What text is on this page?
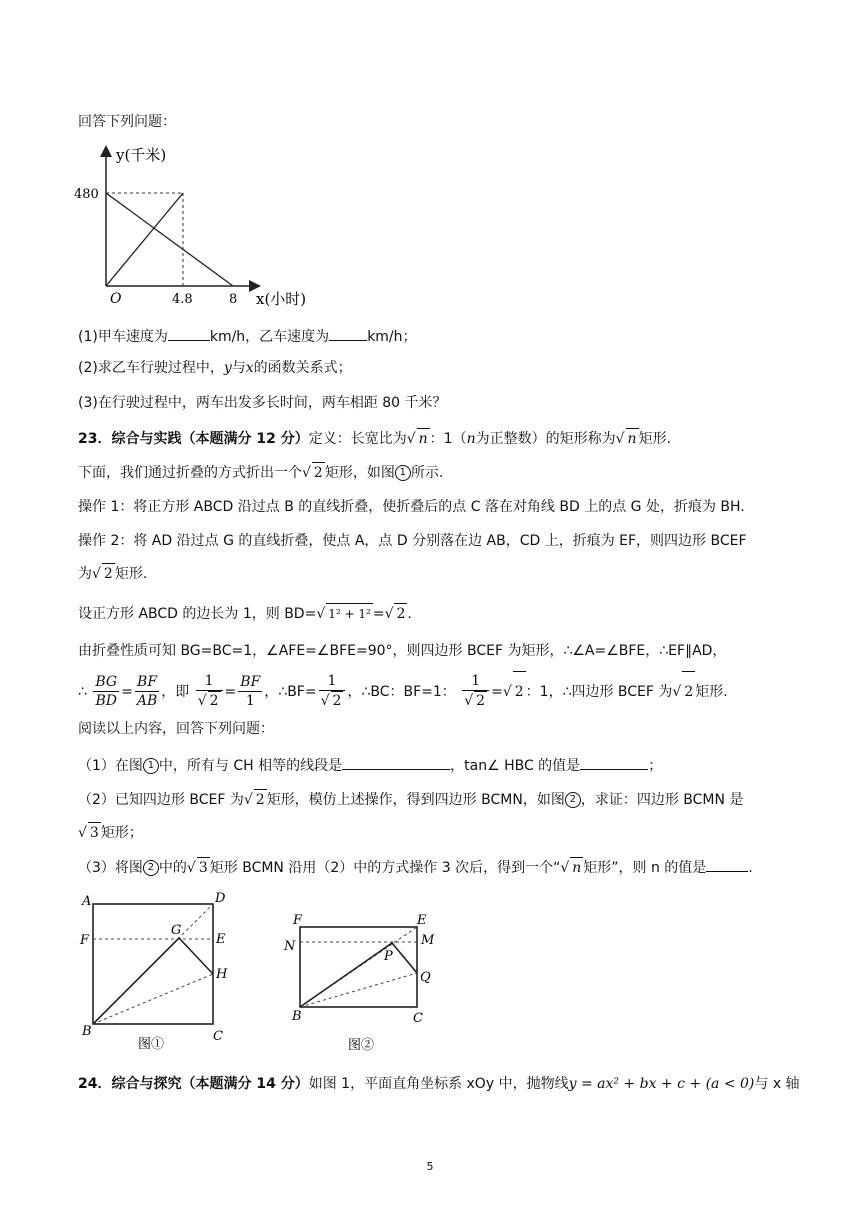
回答下列问题：
y(千米)
x(小时)
O
480
4.8	8
(1)甲车速度为	km/h，乙车速度为	km/h；
(2)求乙车行驶过程中，y与x的函数关系式；
(3)在行驶过程中，两车出发多长时间，两车相距 80 千米？
23．综合与实践（本题满分 12 分）定义：长宽比为√ n ：1（n为正整数）的矩形称为√ n 矩形.
下面，我们通过折叠的方式折出一个√ 2 矩形，如图 1 所示.
操作 1：将正方形 ABCD 沿过点 B 的直线折叠，使折叠后的点 C 落在对角线 BD 上的点 G 处，折痕为 BH.
操作 2：将 AD 沿过点 G 的直线折叠，使点 A，点 D 分别落在边 AB，CD 上，折痕为 EF，则四边形 BCEF
为√ 2 矩形.
设正方形 ABCD 的边长为 1，则 BD=√ 1² + 1² =√ 2 .
由折叠性质可知 BG=BC=1，∠AFE=∠BFE=90°，则四边形 BCEF 为矩形，∴∠A=∠BFE，∴EF∥AD，
∴ $\frac{BG}{BD} = \frac{BF}{AB}$ ，即 $\frac{1}{√ 2} = \frac{BF}{1}$ ，∴BF= $\frac{1}{√ 2}$ ，∴BC：BF=1： $\frac{1}{√ 2}$ =√ 2 ：1，∴四边形 BCEF 为√ 2 矩形.
阅读以上内容，回答下列问题：
（1）在图 1 中，所有与 CH 相等的线段是	，tan∠ HBC 的值是	；
（2）已知四边形 BCEF 为√ 2 矩形，模仿上述操作，得到四边形 BCMN，如图 2 ，求证：四边形 BCMN 是
√ 3 矩形；
（3）将图 2 中的√ 3 矩形 BCMN 沿用（2）中的方式操作 3 次后，得到一个“√ n 矩形”，则 n 的值是	.
A	D
F
G
E
H
B	C
图①
F	E
N	M
P
Q
B	C
图②
24．综合与探究（本题满分 14 分）如图 1，平面直角坐标系 xOy 中，抛物线y = ax² + bx + c + (a < 0)与 x 轴
5
